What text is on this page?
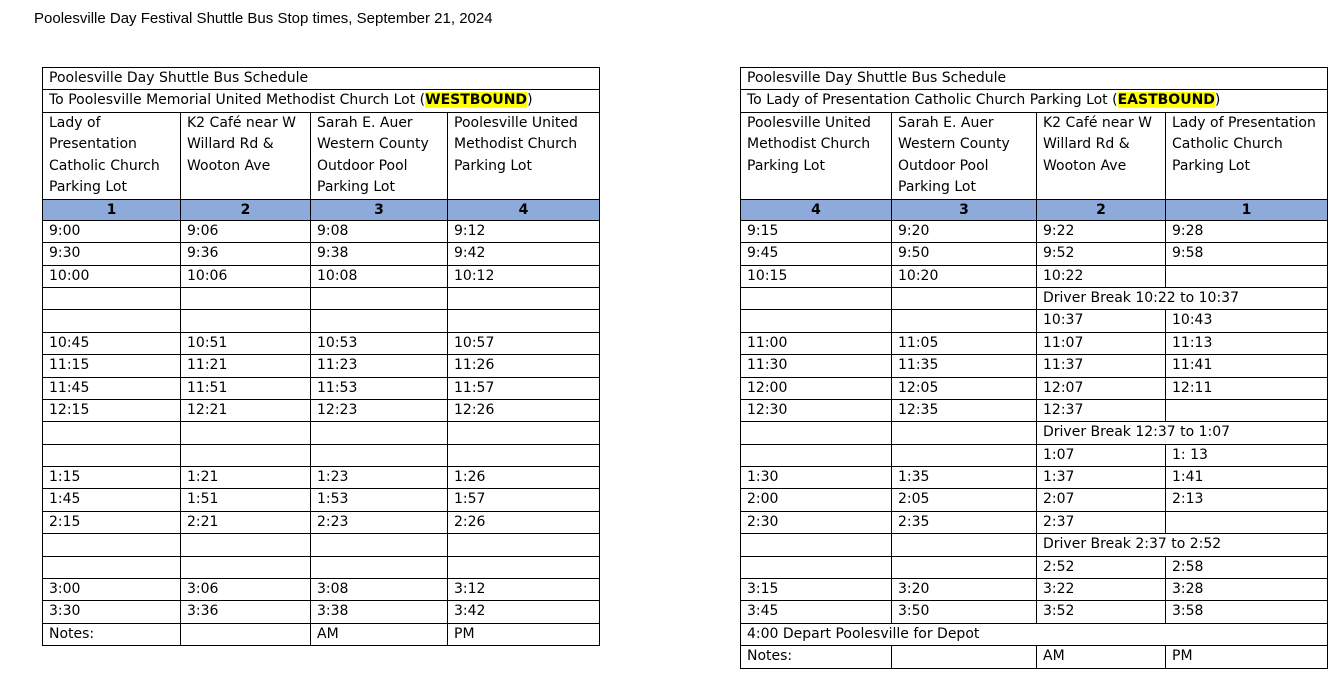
Poolesville Day Festival Shuttle Bus Stop times, September 21, 2024
Poolesville Day Shuttle Bus Schedule			
To Poolesville Memorial United Methodist Church Lot (WESTBOUND)			
Lady of Presentation Catholic Church Parking Lot	K2 Café near W Willard Rd & Wooton Ave	Sarah E. Auer Western County Outdoor Pool Parking Lot	Poolesville United Methodist Church Parking Lot
1	2	3	4
9:00	9:06	9:08	9:12
9:30	9:36	9:38	9:42
10:00	10:06	10:08	10:12

10:45	10:51	10:53	10:57
11:15	11:21	11:23	11:26
11:45	11:51	11:53	11:57
12:15	12:21	12:23	12:26

1:15	1:21	1:23	1:26
1:45	1:51	1:53	1:57
2:15	2:21	2:23	2:26

3:00	3:06	3:08	3:12
3:30	3:36	3:38	3:42
Notes:		AM	PM
Poolesville Day Shuttle Bus Schedule			
To Lady of Presentation Catholic Church Parking Lot (EASTBOUND)			
Poolesville United Methodist Church Parking Lot	Sarah E. Auer Western County Outdoor Pool Parking Lot	K2 Café near W Willard Rd & Wooton Ave	Lady of Presentation Catholic Church Parking Lot
4	3	2	1
9:15	9:20	9:22	9:28
9:45	9:50	9:52	9:58
10:15	10:20	10:22	
		Driver Break 10:22 to 10:37	
		10:37	10:43
11:00	11:05	11:07	11:13
11:30	11:35	11:37	11:41
12:00	12:05	12:07	12:11
12:30	12:35	12:37	
		Driver Break 12:37 to 1:07	
		1:07	1: 13
1:30	1:35	1:37	1:41
2:00	2:05	2:07	2:13
2:30	2:35	2:37	
		Driver Break 2:37 to 2:52	
		2:52	2:58
3:15	3:20	3:22	3:28
3:45	3:50	3:52	3:58
4:00 Depart Poolesville for Depot			
Notes:		AM	PM
